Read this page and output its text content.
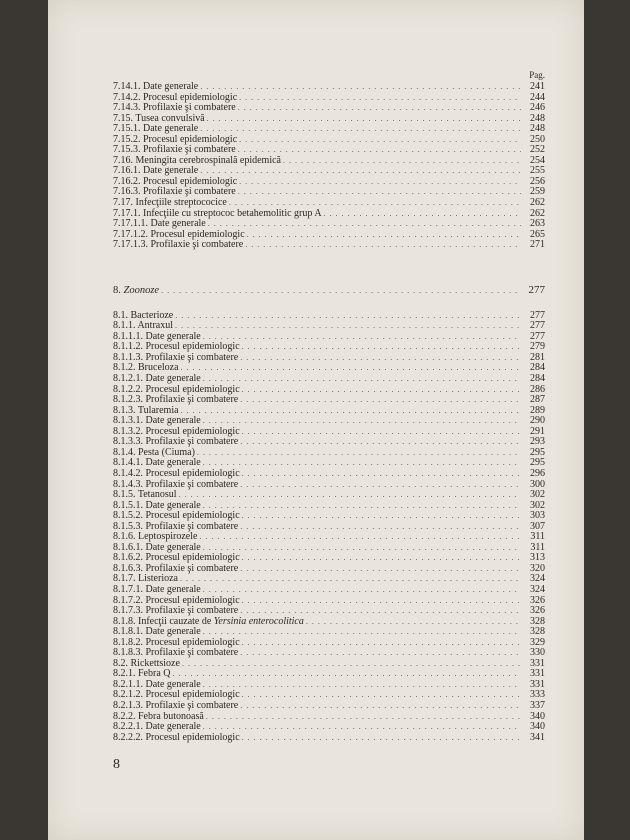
Pag.
7.14.1. Date generale . . .	241
7.14.2. Procesul epidemiologic . . .	244
7.14.3. Profilaxie şi combatere . . .	246
7.15. Tusea convulsivă . . .	248
7.15.1. Date generale . . .	248
7.15.2. Procesul epidemiologic . . .	250
7.15.3. Profilaxie şi combatere . . .	252
7.16. Meningita cerebrospinală epidemică . . .	254
7.16.1. Date generale . . .	255
7.16.2. Procesul epidemiologic . . .	256
7.16.3. Profilaxie şi combatere . . .	259
7.17. Infecţiile streptococice . . .	262
7.17.1. Infecţiile cu streptococ betahemolitic grup A . . .	262
7.17.1.1. Date generale . . .	263
7.17.1.2. Procesul epidemiologic . . .	265
7.17.1.3. Profilaxie şi combatere . . .	271
8. Zoonoze . . .	277
8.1. Bacterioze . . .	277
8.1.1. Antraxul . . .	277
8.1.1.1. Date generale . . .	277
8.1.1.2. Procesul epidemiologic . . .	279
8.1.1.3. Profilaxie şi combatere . . .	281
8.1.2. Bruceloza . . .	284
8.1.2.1. Date generale . . .	284
8.1.2.2. Procesul epidemiologic . . .	286
8.1.2.3. Profilaxie şi combatere . . .	287
8.1.3. Tularemia . . .	289
8.1.3.1. Date generale . . .	290
8.1.3.2. Procesul epidemiologic . . .	291
8.1.3.3. Profilaxie şi combatere . . .	293
8.1.4. Pesta (Ciuma) . . .	295
8.1.4.1. Date generale . . .	295
8.1.4.2. Procesul epidemiologic . . .	296
8.1.4.3. Profilaxie şi combatere . . .	300
8.1.5. Tetanosul . . .	302
8.1.5.1. Date generale . . .	302
8.1.5.2. Procesul epidemiologic . . .	303
8.1.5.3. Profilaxie şi combatere . . .	307
8.1.6. Leptospirozele . . .	311
8.1.6.1. Date generale . . .	311
8.1.6.2. Procesul epidemiologic . . .	313
8.1.6.3. Profilaxie şi combatere . . .	320
8.1.7. Listerioza . . .	324
8.1.7.1. Date generale . . .	324
8.1.7.2. Procesul epidemiologic . . .	326
8.1.7.3. Profilaxie şi combatere . . .	326
8.1.8. Infecţii cauzate de Yersinia enterocolitica . . .	328
8.1.8.1. Date generale . . .	328
8.1.8.2. Procesul epidemiologic . . .	329
8.1.8.3. Profilaxie şi combatere . . .	330
8.2. Rickettsioze . . .	331
8.2.1. Febra Q . . .	331
8.2.1.1. Date generale . . .	331
8.2.1.2. Procesul epidemiologic . . .	333
8.2.1.3. Profilaxie şi combatere . . .	337
8.2.2. Febra butonoasă . . .	340
8.2.2.1. Date generale . . .	340
8.2.2.2. Procesul epidemiologic . . .	341
8
